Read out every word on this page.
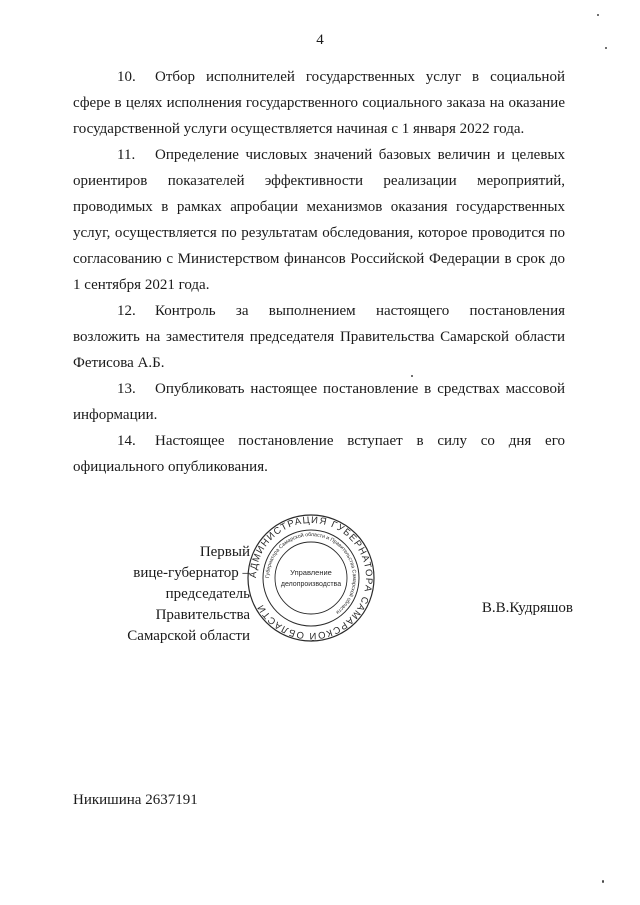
4

10. Отбор исполнителей государственных услуг в социальной сфере в целях исполнения государственного социального заказа на оказание государственной услуги осуществляется начиная с 1 января 2022 года.

11. Определение числовых значений базовых величин и целевых ориентиров показателей эффективности реализации мероприятий, проводимых в рамках апробации механизмов оказания государственных услуг, осуществляется по результатам обследования, которое проводится по согласованию с Министерством финансов Российской Федерации в срок до 1 сентября 2021 года.

12. Контроль за выполнением настоящего постановления возложить на заместителя председателя Правительства Самарской области Фетисова А.Б.

13. Опубликовать настоящее постановление в средствах массовой информации.

14. Настоящее постановление вступает в силу со дня его официального опубликования.

Первый
вице-губернатор –
председатель Правительства
Самарской области
АДМИНИСТРАЦИЯ ГУБЕРНАТОРА САМАРСКОЙ ОБЛАСТИ
Губернатора Самарской области и Правительства Самарской области
Управление
делопроизводства
В.В.Кудряшов
Никишина 2637191
